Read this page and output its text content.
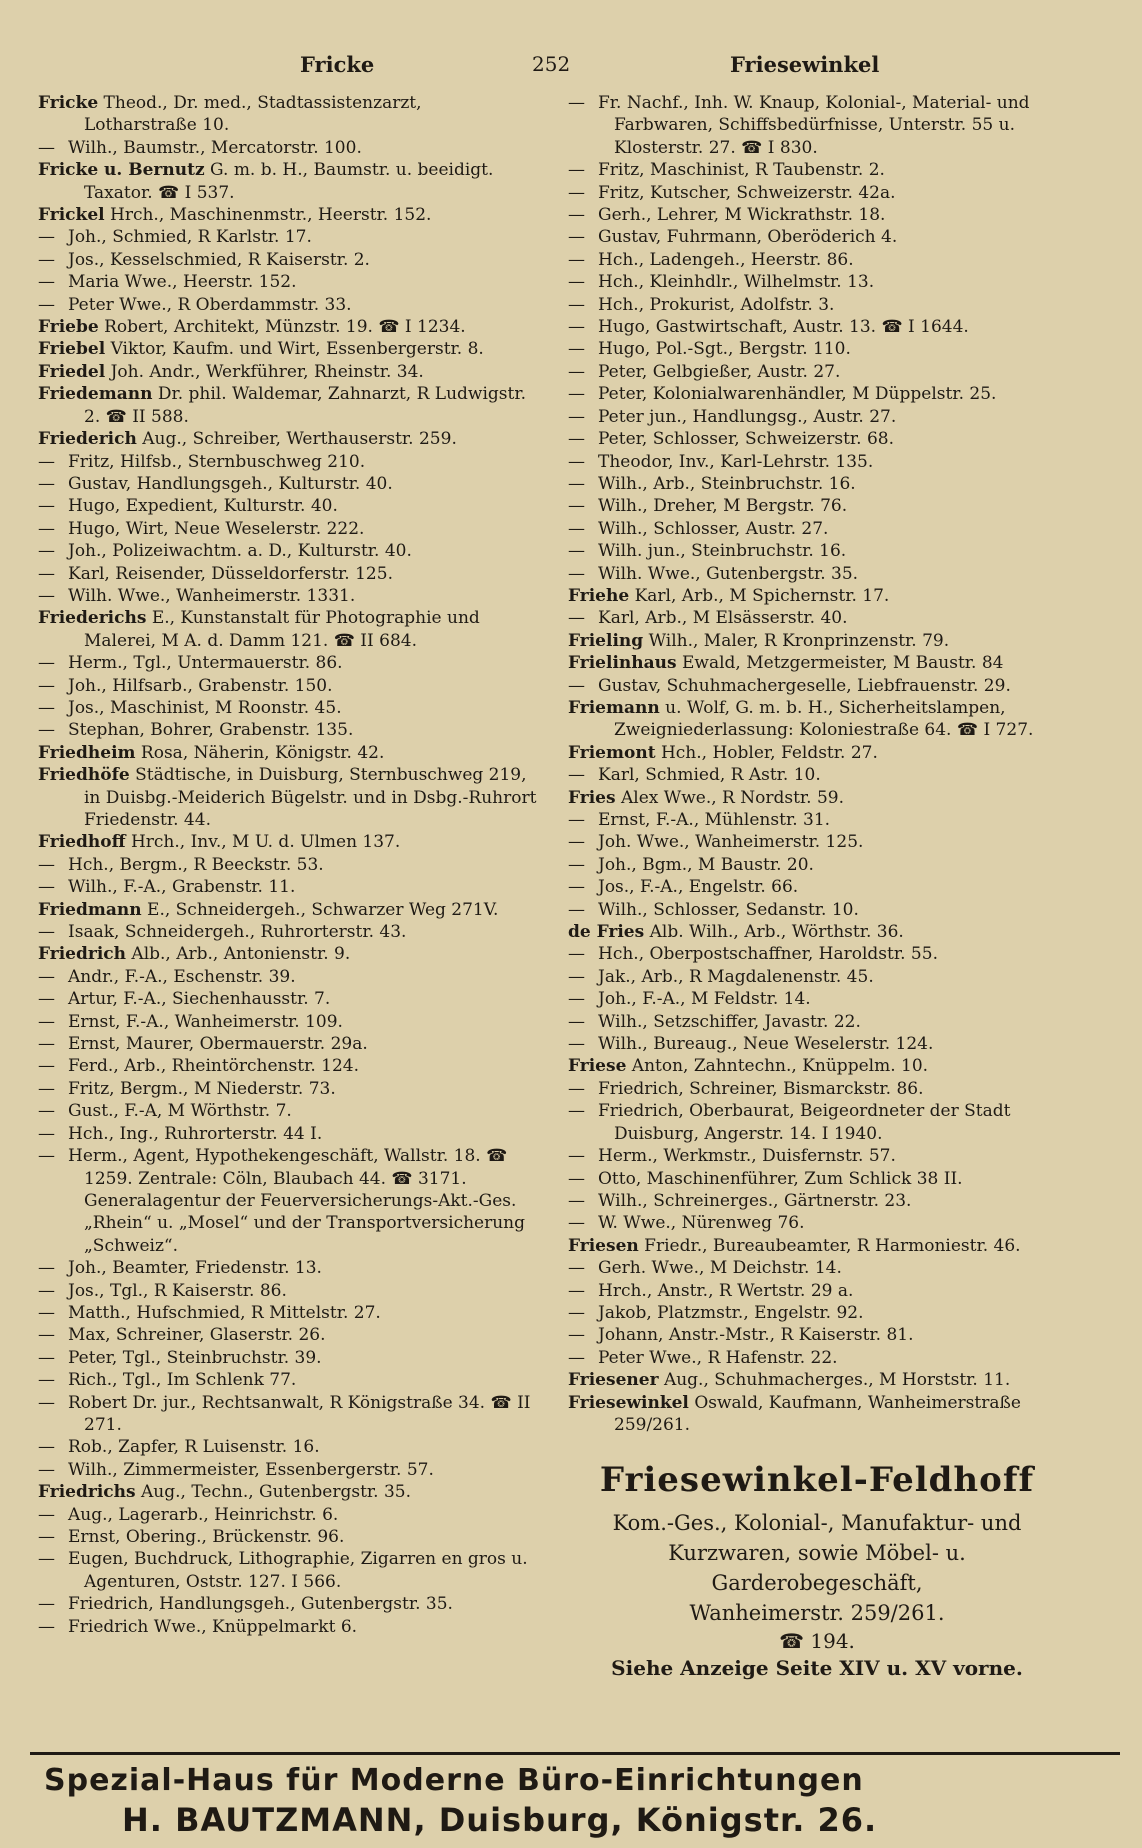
Fricke	252	Friesewinkel
Fricke Theod., Dr. med., Stadtassistenzarzt, Lotharstraße 10.
— Wilh., Baumstr., Mercatorstr. 100.
Fricke u. Bernutz G. m. b. H., Baumstr. u. beeidigt. Taxator. ☎ I 537.
Frickel Hrch., Maschinenmstr., Heerstr. 152.
— Joh., Schmied, R Karlstr. 17.
— Jos., Kesselschmied, R Kaiserstr. 2.
— Maria Wwe., Heerstr. 152.
— Peter Wwe., R Oberdammstr. 33.
Friebe Robert, Architekt, Münzstr. 19. ☎ I 1234.
Friebel Viktor, Kaufm. und Wirt, Essenbergerstr. 8.
Friedel Joh. Andr., Werkführer, Rheinstr. 34.
Friedemann Dr. phil. Waldemar, Zahnarzt, R Ludwigstr. 2. ☎ II 588.
Friederich Aug., Schreiber, Werthauserstr. 259.
— Fritz, Hilfsb., Sternbuschweg 210.
— Gustav, Handlungsgeh., Kulturstr. 40.
— Hugo, Expedient, Kulturstr. 40.
— Hugo, Wirt, Neue Weselerstr. 222.
— Joh., Polizeiwachtm. a. D., Kulturstr. 40.
— Karl, Reisender, Düsseldorferstr. 125.
— Wilh. Wwe., Wanheimerstr. 1331.
Friederichs E., Kunstanstalt für Photographie und Malerei, M A. d. Damm 121. ☎ II 684.
— Herm., Tgl., Untermauerstr. 86.
— Joh., Hilfsarb., Grabenstr. 150.
— Jos., Maschinist, M Roonstr. 45.
— Stephan, Bohrer, Grabenstr. 135.
Friedheim Rosa, Näherin, Königstr. 42.
Friedhöfe Städtische, in Duisburg, Sternbuschweg 219, in Duisbg.-Meiderich Bügelstr. und in Dsbg.-Ruhrort Friedenstr. 44.
Friedhoff Hrch., Inv., M U. d. Ulmen 137.
— Hch., Bergm., R Beeckstr. 53.
— Wilh., F.-A., Grabenstr. 11.
Friedmann E., Schneidergeh., Schwarzer Weg 271V.
— Isaak, Schneidergeh., Ruhrorterstr. 43.
Friedrich Alb., Arb., Antonienstr. 9.
— Andr., F.-A., Eschenstr. 39.
— Artur, F.-A., Siechenhausstr. 7.
— Ernst, F.-A., Wanheimerstr. 109.
— Ernst, Maurer, Obermauerstr. 29a.
— Ferd., Arb., Rheintörchenstr. 124.
— Fritz, Bergm., M Niederstr. 73.
— Gust., F.-A, M Wörthstr. 7.
— Hch., Ing., Ruhrorterstr. 44 I.
— Herm., Agent, Hypothekengeschäft, Wallstr. 18. ☎ 1259. Zentrale: Cöln, Blaubach 44. ☎ 3171. Generalagentur der Feuerversicherungs-Akt.-Ges. „Rhein“ u. „Mosel“ und der Transportversicherung „Schweiz“.
— Joh., Beamter, Friedenstr. 13.
— Jos., Tgl., R Kaiserstr. 86.
— Matth., Hufschmied, R Mittelstr. 27.
— Max, Schreiner, Glaserstr. 26.
— Peter, Tgl., Steinbruchstr. 39.
— Rich., Tgl., Im Schlenk 77.
— Robert Dr. jur., Rechtsanwalt, R Königstraße 34. ☎ II 271.
— Rob., Zapfer, R Luisenstr. 16.
— Wilh., Zimmermeister, Essenbergerstr. 57.
Friedrichs Aug., Techn., Gutenbergstr. 35.
— Aug., Lagerarb., Heinrichstr. 6.
— Ernst, Obering., Brückenstr. 96.
— Eugen, Buchdruck, Lithographie, Zigarren en gros u. Agenturen, Oststr. 127. I 566.
— Friedrich, Handlungsgeh., Gutenbergstr. 35.
— Friedrich Wwe., Knüppelmarkt 6.
— Fr. Nachf., Inh. W. Knaup, Kolonial-, Material- und Farbwaren, Schiffsbedürfnisse, Unterstr. 55 u. Klosterstr. 27. ☎ I 830.
— Fritz, Maschinist, R Taubenstr. 2.
— Fritz, Kutscher, Schweizerstr. 42a.
— Gerh., Lehrer, M Wickrathstr. 18.
— Gustav, Fuhrmann, Oberöderich 4.
— Hch., Ladengeh., Heerstr. 86.
— Hch., Kleinhdlr., Wilhelmstr. 13.
— Hch., Prokurist, Adolfstr. 3.
— Hugo, Gastwirtschaft, Austr. 13. ☎ I 1644.
— Hugo, Pol.-Sgt., Bergstr. 110.
— Peter, Gelbgießer, Austr. 27.
— Peter, Kolonialwarenhändler, M Düppelstr. 25.
— Peter jun., Handlungsg., Austr. 27.
— Peter, Schlosser, Schweizerstr. 68.
— Theodor, Inv., Karl-Lehrstr. 135.
— Wilh., Arb., Steinbruchstr. 16.
— Wilh., Dreher, M Bergstr. 76.
— Wilh., Schlosser, Austr. 27.
— Wilh. jun., Steinbruchstr. 16.
— Wilh. Wwe., Gutenbergstr. 35.
Friehe Karl, Arb., M Spichernstr. 17.
— Karl, Arb., M Elsässerstr. 40.
Frieling Wilh., Maler, R Kronprinzenstr. 79.
Frielinhaus Ewald, Metzgermeister, M Baustr. 84
— Gustav, Schuhmachergeselle, Liebfrauenstr. 29.
Friemann u. Wolf, G. m. b. H., Sicherheitslampen, Zweigniederlassung: Koloniestraße 64. ☎ I 727.
Friemont Hch., Hobler, Feldstr. 27.
— Karl, Schmied, R Astr. 10.
Fries Alex Wwe., R Nordstr. 59.
— Ernst, F.-A., Mühlenstr. 31.
— Joh. Wwe., Wanheimerstr. 125.
— Joh., Bgm., M Baustr. 20.
— Jos., F.-A., Engelstr. 66.
— Wilh., Schlosser, Sedanstr. 10.
de Fries Alb. Wilh., Arb., Wörthstr. 36.
— Hch., Oberpostschaffner, Haroldstr. 55.
— Jak., Arb., R Magdalenenstr. 45.
— Joh., F.-A., M Feldstr. 14.
— Wilh., Setzschiffer, Javastr. 22.
— Wilh., Bureaug., Neue Weselerstr. 124.
Friese Anton, Zahntechn., Knüppelm. 10.
— Friedrich, Schreiner, Bismarckstr. 86.
— Friedrich, Oberbaurat, Beigeordneter der Stadt Duisburg, Angerstr. 14. I 1940.
— Herm., Werkmstr., Duisfernstr. 57.
— Otto, Maschinenführer, Zum Schlick 38 II.
— Wilh., Schreinerges., Gärtnerstr. 23.
— W. Wwe., Nürenweg 76.
Friesen Friedr., Bureaubeamter, R Harmoniestr. 46.
— Gerh. Wwe., M Deichstr. 14.
— Hrch., Anstr., R Wertstr. 29 a.
— Jakob, Platzmstr., Engelstr. 92.
— Johann, Anstr.-Mstr., R Kaiserstr. 81.
— Peter Wwe., R Hafenstr. 22.
Friesener Aug., Schuhmacherges., M Horststr. 11.
Friesewinkel Oswald, Kaufmann, Wanheimerstraße 259/261.
Friesewinkel-Feldhoff
Kom.-Ges., Kolonial-, Manufaktur- und
Kurzwaren, sowie Möbel- u. Garderobegeschäft,
Wanheimerstr. 259/261.
☎ 194.
Siehe Anzeige Seite XIV u. XV vorne.
Spezial-Haus für Moderne Büro-Einrichtungen
H. BAUTZMANN, Duisburg, Königstr. 26.
